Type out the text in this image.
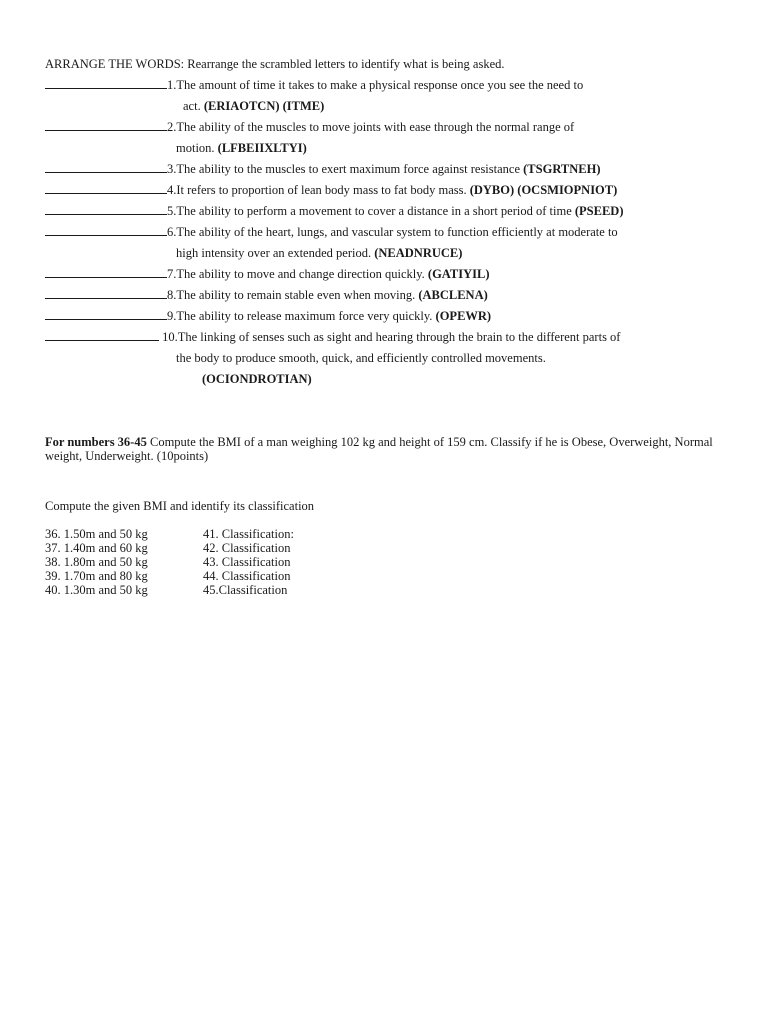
ARRANGE THE WORDS: Rearrange the scrambled letters to identify what is being asked.
1. The amount of time it takes to make a physical response once you see the need to
act. (ERIAOTCN) (ITME)
2. The ability of the muscles to move joints with ease through the normal range of
motion. (LFBEIIXLTYI)
3. The ability to the muscles to exert maximum force against resistance (TSGRTNEH)
4. It refers to proportion of lean body mass to fat body mass. (DYBO) (OCSMIOPNIOT)
5. The ability to perform a movement to cover a distance in a short period of time (PSEED)
6. The ability of the heart, lungs, and vascular system to function efficiently at moderate to
high intensity over an extended period. (NEADNRUCE)
7. The ability to move and change direction quickly. (GATIYIL)
8. The ability to remain stable even when moving. (ABCLENA)
9. The ability to release maximum force very quickly. (OPEWR)
10. The linking of senses such as sight and hearing through the brain to the different parts of
the body to produce smooth, quick, and efficiently controlled movements.
(OCIONDROTIAN)
For numbers 36-45 Compute the BMI of a man weighing 102 kg and height of 159 cm. Classify if he is Obese, Overweight, Normal weight, Underweight. (10points)
Compute the given BMI and identify its classification
36. 1.50m and 50 kg	41. Classification:
37. 1.40m and 60 kg	42. Classification
38. 1.80m and 50 kg	43. Classification
39. 1.70m and 80 kg	44. Classification
40. 1.30m and 50 kg	45.Classification
